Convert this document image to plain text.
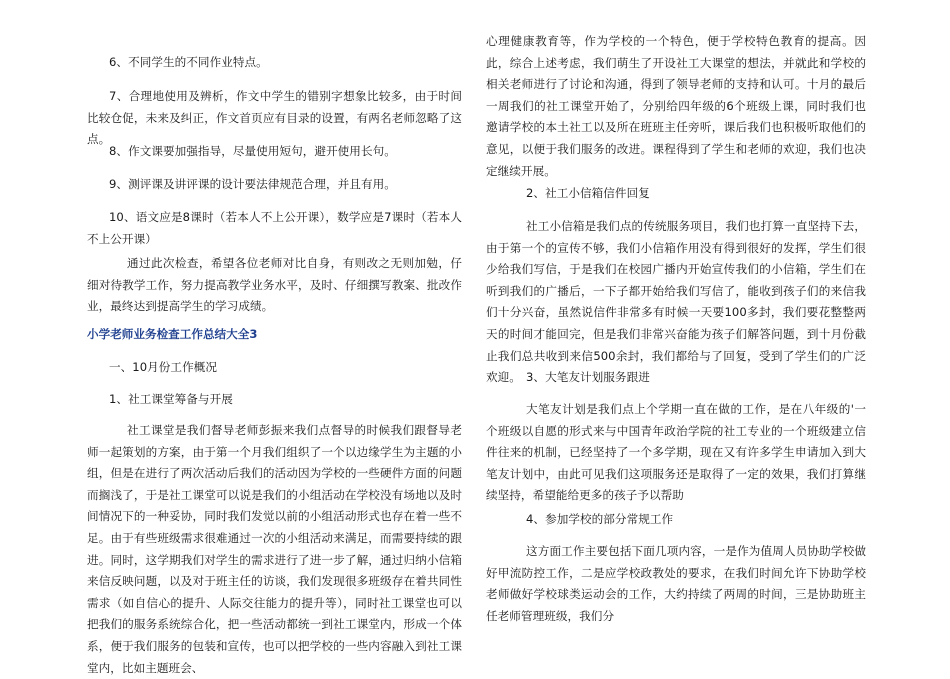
6、不同学生的不同作业特点。

7、合理地使用及辨析，作文中学生的错别字想象比较多，由于时间比较仓促，未来及纠正，作文首页应有目录的设置，有两名老师忽略了这点。

8、作文课要加强指导，尽量使用短句，避开使用长句。

9、测评课及讲评课的设计要法律规范合理，并且有用。

10、语文应是8课时（若本人不上公开课），数学应是7课时（若本人不上公开课）

通过此次检查，希望各位老师对比自身，有则改之无则加勉，仔细对待教学工作，努力提高教学业务水平，及时、仔细撰写教案、批改作业，最终达到提高学生的学习成绩。

小学老师业务检查工作总结大全3

一、10月份工作概况

1、社工课堂筹备与开展

社工课堂是我们督导老师彭振来我们点督导的时候我们跟督导老师一起策划的方案，由于第一个月我们组织了一个以边缘学生为主题的小组，但是在进行了两次活动后我们的活动因为学校的一些硬件方面的问题而搁浅了，于是社工课堂可以说是我们的小组活动在学校没有场地以及时间情况下的一种妥协，同时我们发觉以前的小组活动形式也存在着一些不足。由于有些班级需求很难通过一次的小组活动来满足，而需要持续的跟进。同时，这学期我们对学生的需求进行了进一步了解，通过归纳小信箱来信反映问题，以及对于班主任的访谈，我们发现很多班级存在着共同性需求（如自信心的提升、人际交往能力的提升等），同时社工课堂也可以把我们的服务系统综合化，把一些活动都统一到社工课堂内，形成一个体系，便于我们服务的包装和宣传，也可以把学校的一些内容融入到社工课堂内，比如主题班会、

心理健康教育等，作为学校的一个特色，便于学校特色教育的提高。因此，综合上述考虑，我们萌生了开设社工大课堂的想法，并就此和学校的相关老师进行了讨论和沟通，得到了领导老师的支持和认可。十月的最后一周我们的社工课堂开始了，分别给四年级的6个班级上课，同时我们也邀请学校的本土社工以及所在班班主任旁听，课后我们也积极听取他们的意见，以便于我们服务的改进。课程得到了学生和老师的欢迎，我们也决定继续开展。

2、社工小信箱信件回复

社工小信箱是我们点的传统服务项目，我们也打算一直坚持下去，由于第一个的宣传不够，我们小信箱作用没有得到很好的发挥，学生们很少给我们写信，于是我们在校园广播内开始宣传我们的小信箱，学生们在听到我们的广播后，一下子都开始给我们写信了，能收到孩子们的来信我们十分兴奋，虽然说信件非常多有时候一天要100多封，我们要花整整两天的时间才能回完，但是我们非常兴奋能为孩子们解答问题，到十月份截止我们总共收到来信500余封，我们都给与了回复，受到了学生们的广泛欢迎。 3、大笔友计划服务跟进

大笔友计划是我们点上个学期一直在做的工作，是在八年级的'一个班级以自愿的形式来与中国青年政治学院的社工专业的一个班级建立信件往来的机制，已经坚持了一个多学期，现在又有许多学生申请加入到大笔友计划中，由此可见我们这项服务还是取得了一定的效果，我们打算继续坚持，希望能给更多的孩子予以帮助

4、参加学校的部分常规工作

这方面工作主要包括下面几项内容，一是作为值周人员协助学校做好甲流防控工作，二是应学校政教处的要求，在我们时间允许下协助学校老师做好学校球类运动会的工作，大约持续了两周的时间，三是协助班主任老师管理班级，我们分
